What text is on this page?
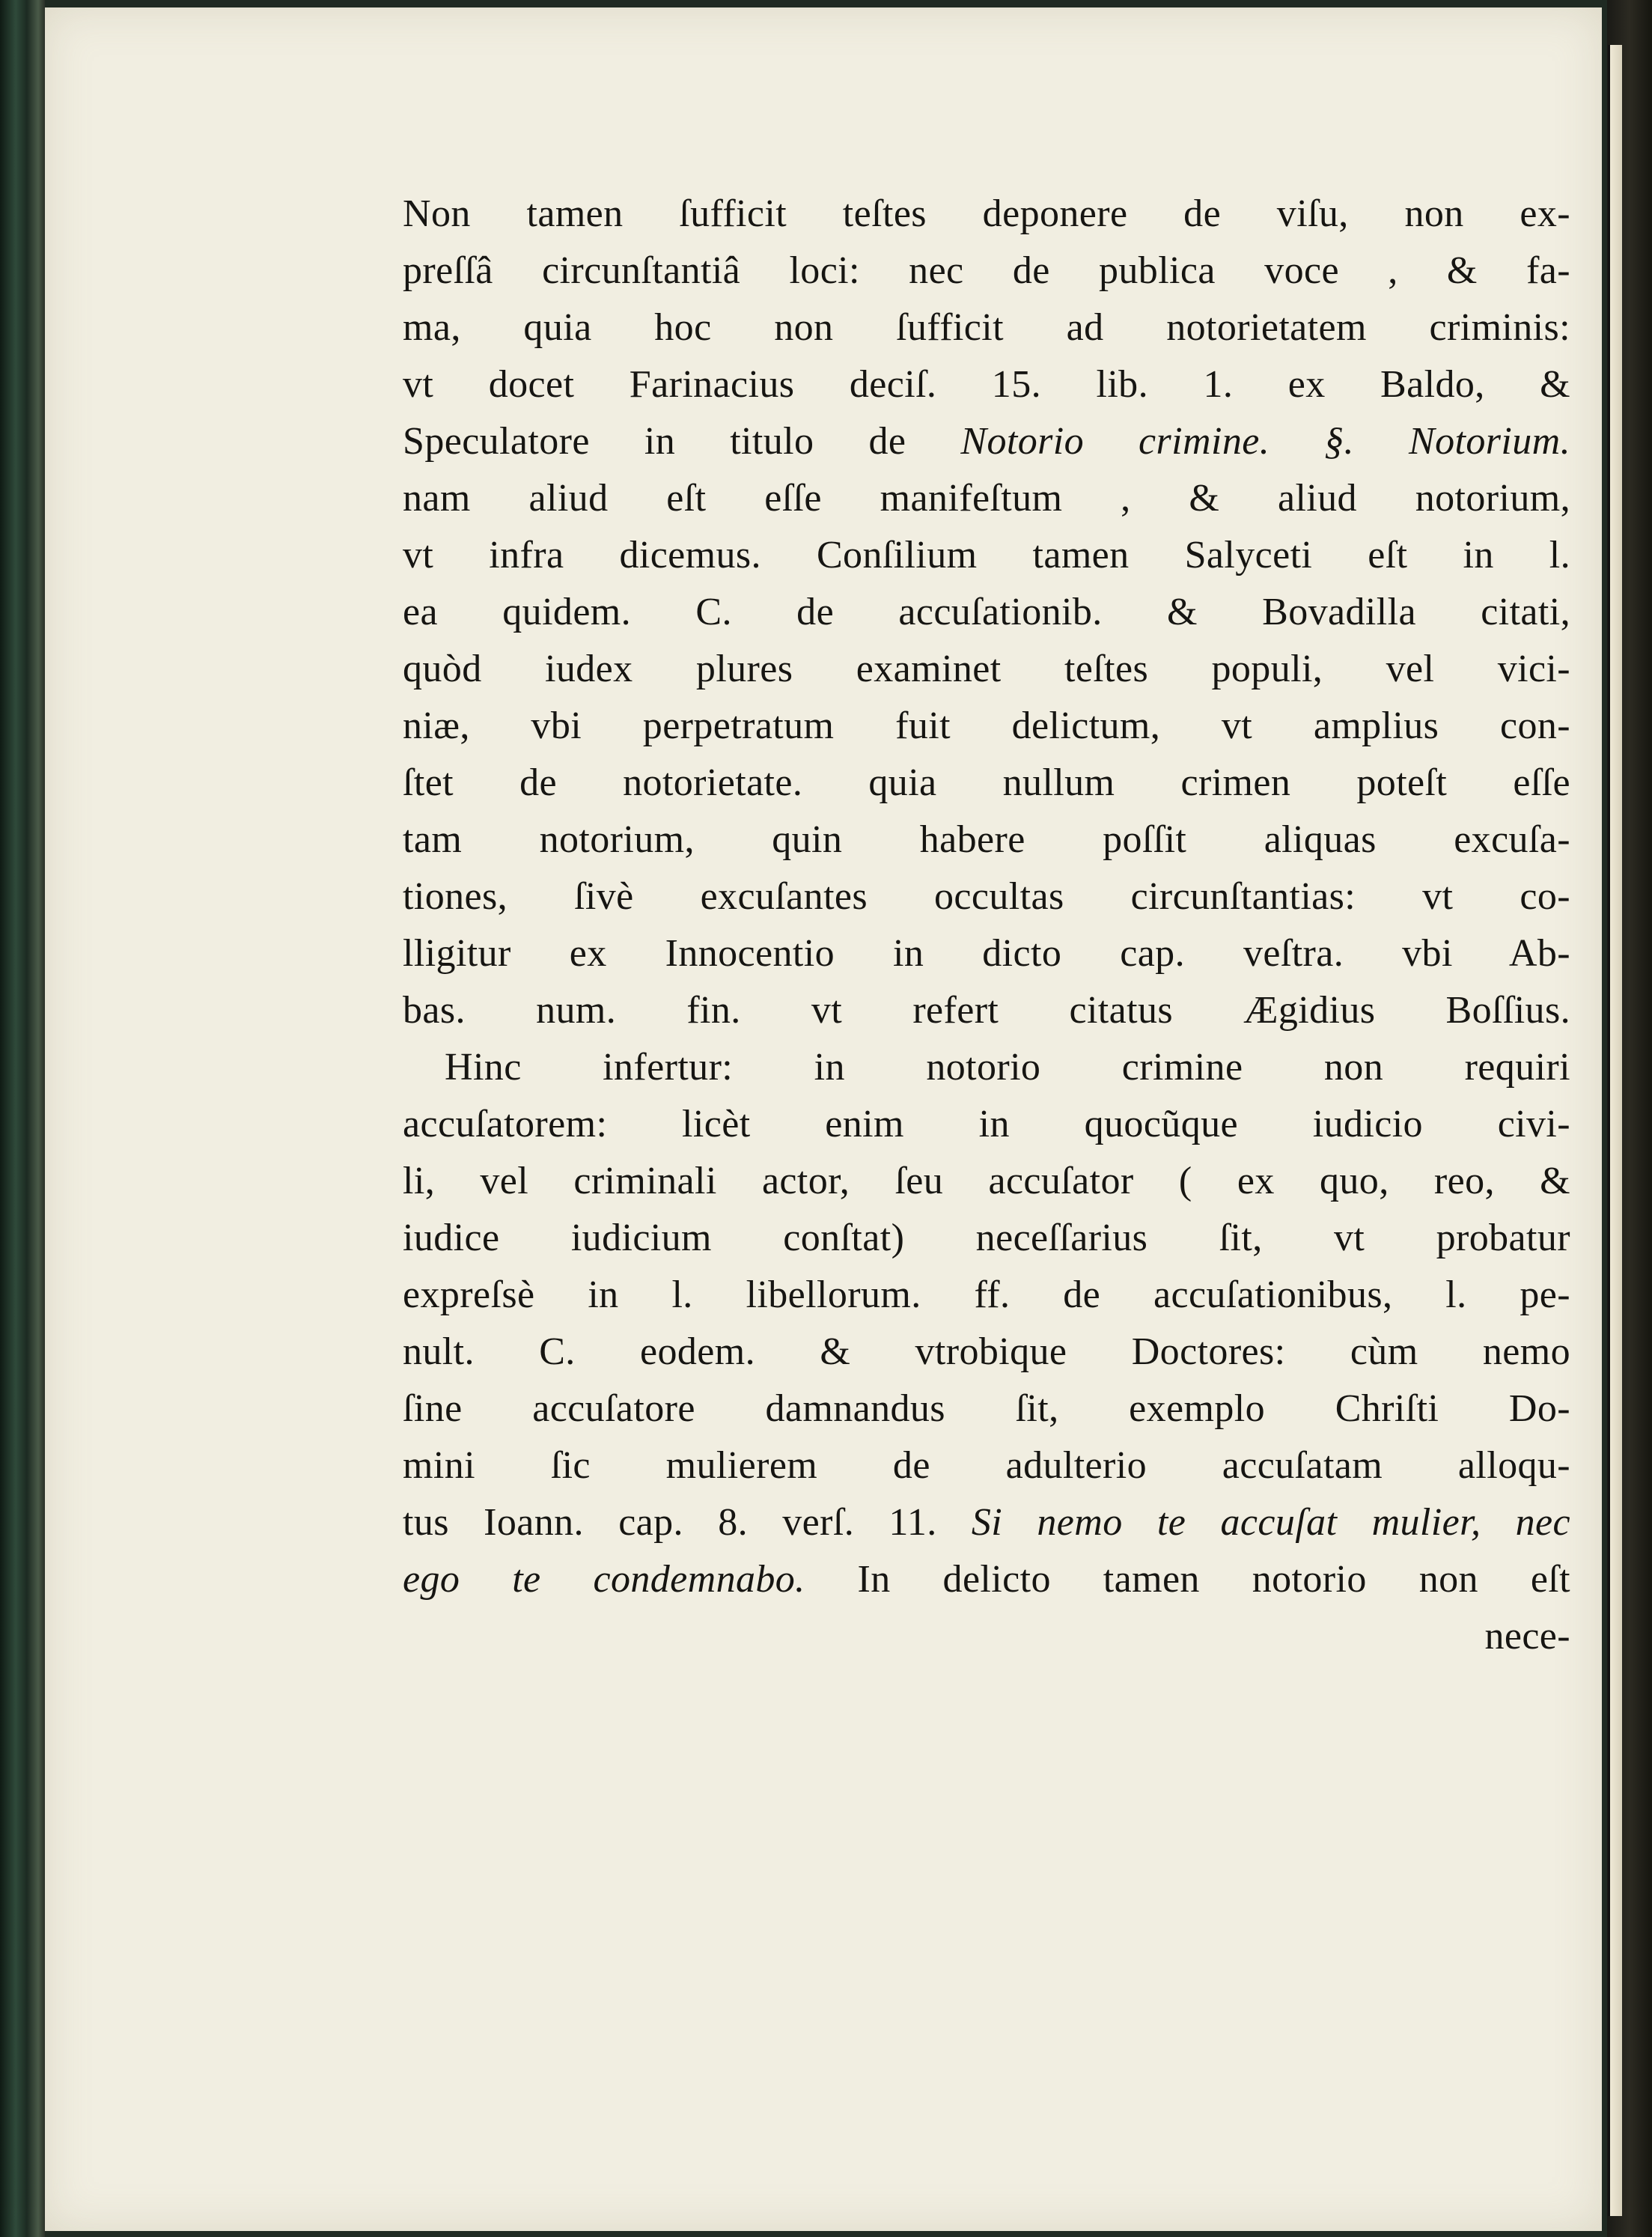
Non tamen ſufficit teſtes deponere de viſu, non ex-
preſſâ circunſtantiâ loci: nec de publica voce , & fa-
ma, quia hoc non ſufficit ad notorietatem criminis:
vt docet Farinacius deciſ. 15. lib. 1. ex Baldo, &
Speculatore in titulo de Notorio crimine. §. Notorium.
nam aliud eſt eſſe manifeſtum , & aliud notorium,
vt infra dicemus. Conſilium tamen Salyceti eſt in l.
ea quidem. C. de accuſationib. & Bovadilla citati,
quòd iudex plures examinet teſtes populi, vel vici-
niæ, vbi perpetratum fuit delictum, vt amplius con-
ſtet de notorietate. quia nullum crimen poteſt eſſe
tam notorium, quin habere poſſit aliquas excuſa-
tiones, ſivè excuſantes occultas circunſtantias: vt co-
lligitur ex Innocentio in dicto cap. veſtra. vbi Ab-
bas. num. fin. vt refert citatus Ægidius Boſſius.
Hinc infertur: in notorio crimine non requiri
accuſatorem: licèt enim in quocũque iudicio civi-
li, vel criminali actor, ſeu accuſator ( ex quo, reo, &
iudice iudicium conſtat) neceſſarius ſit, vt probatur
expreſsè in l. libellorum. ff. de accuſationibus, l. pe-
nult. C. eodem. & vtrobique Doctores: cùm nemo
ſine accuſatore damnandus ſit, exemplo Chriſti Do-
mini ſic mulierem de adulterio accuſatam alloqu-
tus Ioann. cap. 8. verſ. 11. Si nemo te accuſat mulier, nec
ego te condemnabo. In delicto tamen notorio non eſt
nece-
